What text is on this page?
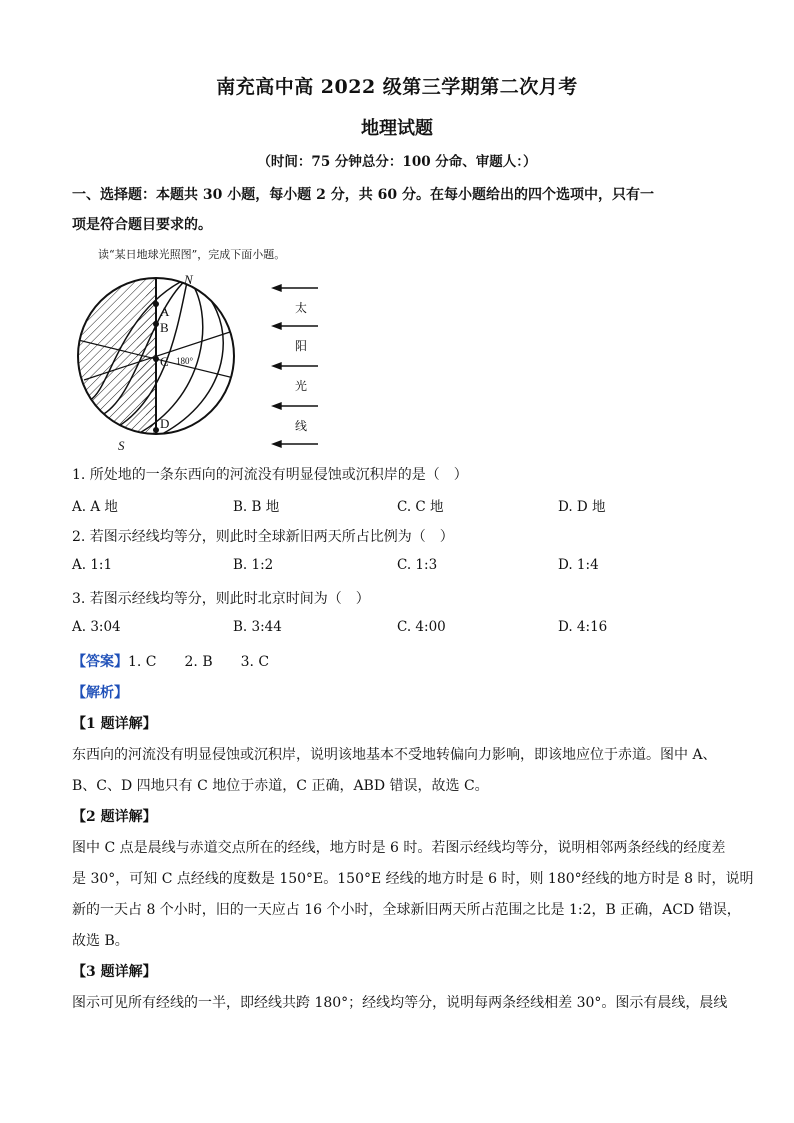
南充高中高 2022 级第三学期第二次月考
地理试题
（时间：75 分钟总分：100 分命、审题人：）
一、选择题：本题共 30 小题，每小题 2 分，共 60 分。在每小题给出的四个选项中，只有一
项是符合题目要求的。
读“某日地球光照图”，完成下面小题。
N
S
A
B
C
D
180°
太
阳
光
线
1. 所处地的一条东西向的河流没有明显侵蚀或沉积岸的是（　）
A. A 地	B. B 地	C. C 地	D. D 地
2. 若图示经线均等分，则此时全球新旧两天所占比例为（　）
A. 1:1	B. 1:2	C. 1:3	D. 1:4
3. 若图示经线均等分，则此时北京时间为（　）
A. 3:04	B. 3:44	C. 4:00	D. 4:16
【答案】1. C　　2. B　　3. C
【解析】
【1 题详解】
东西向的河流没有明显侵蚀或沉积岸，说明该地基本不受地转偏向力影响，即该地应位于赤道。图中 A、
B、C、D 四地只有 C 地位于赤道，C 正确，ABD 错误，故选 C。
【2 题详解】
图中 C 点是晨线与赤道交点所在的经线，地方时是 6 时。若图示经线均等分，说明相邻两条经线的经度差
是 30°，可知 C 点经线的度数是 150°E。150°E 经线的地方时是 6 时，则 180°经线的地方时是 8 时，说明
新的一天占 8 个小时，旧的一天应占 16 个小时，全球新旧两天所占范围之比是 1:2，B 正确，ACD 错误，
故选 B。
【3 题详解】
图示可见所有经线的一半，即经线共跨 180°；经线均等分，说明每两条经线相差 30°。图示有晨线，晨线
